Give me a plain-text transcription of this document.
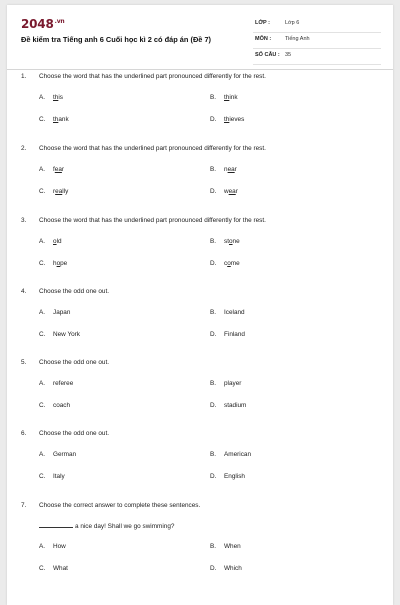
$2048^{.vn}$
Đề kiểm tra Tiếng anh 6 Cuối học kì 2 có đáp án (Đề 7)
LỚP :	Lớp 6
MÔN :	Tiếng Anh
SỐ CÂU : 35
1. Choose the word that has the underlined part pronounced differently for the rest.
A. this	B. think
C. thank	D. thieves
2. Choose the word that has the underlined part pronounced differently for the rest.
A. fear	B. near
C. really	D. wear
3. Choose the word that has the underlined part pronounced differently for the rest.
A. old	B. stone
C. hope	D. come
4. Choose the odd one out.
A. Japan	B. Iceland
C. New York	D. Finland
5. Choose the odd one out.
A. referee	B. player
C. coach	D. stadium
6. Choose the odd one out.
A. German	B. American
C. Italy	D. English
7. Choose the correct answer to complete these sentences.
a nice day! Shall we go swimming?
A. How	B. When
C. What	D. Which
